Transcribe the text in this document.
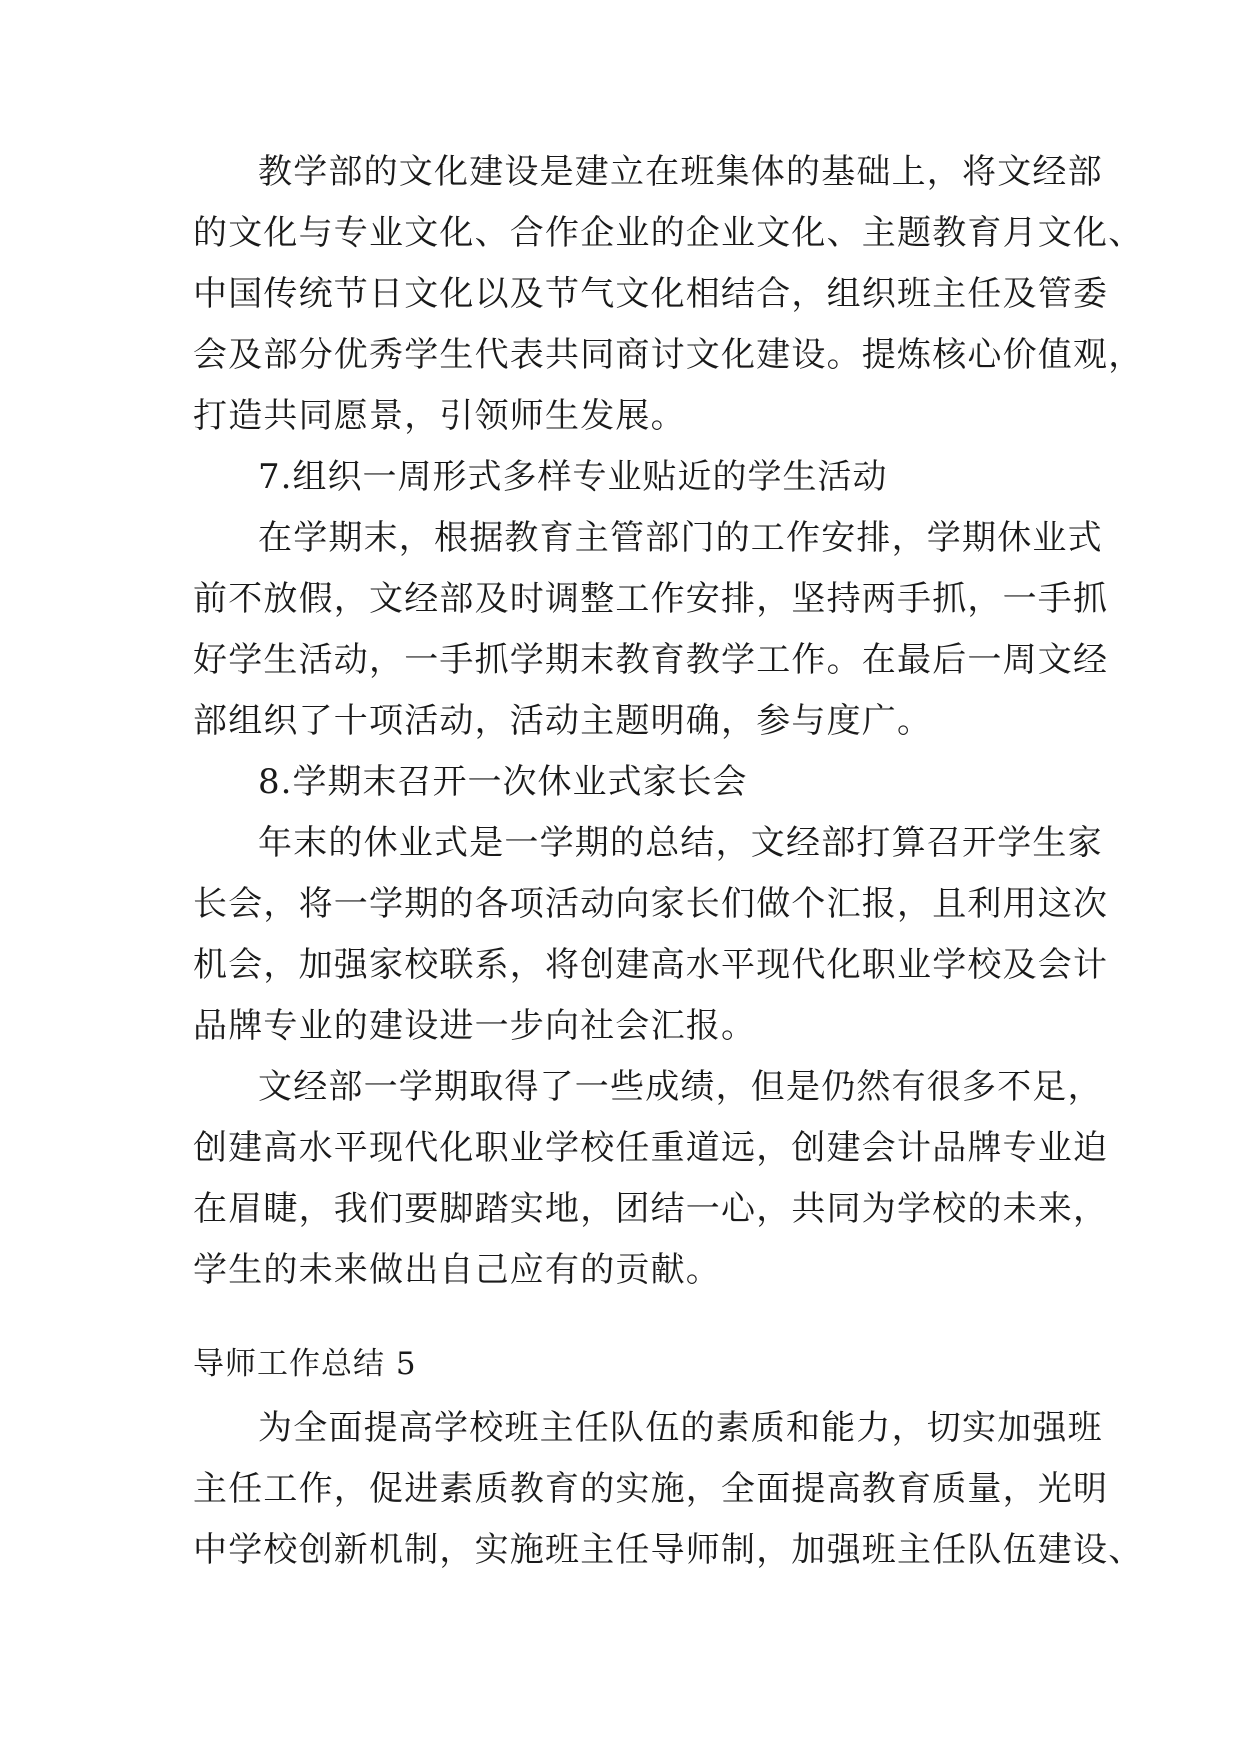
教学部的文化建设是建立在班集体的基础上，将文经部
的文化与专业文化、合作企业的企业文化、主题教育月文化、
中国传统节日文化以及节气文化相结合，组织班主任及管委
会及部分优秀学生代表共同商讨文化建设。提炼核心价值观，
打造共同愿景，引领师生发展。
7.组织一周形式多样专业贴近的学生活动
在学期末，根据教育主管部门的工作安排，学期休业式
前不放假，文经部及时调整工作安排，坚持两手抓，一手抓
好学生活动，一手抓学期末教育教学工作。在最后一周文经
部组织了十项活动，活动主题明确，参与度广。
8.学期末召开一次休业式家长会
年末的休业式是一学期的总结，文经部打算召开学生家
长会，将一学期的各项活动向家长们做个汇报，且利用这次
机会，加强家校联系，将创建高水平现代化职业学校及会计
品牌专业的建设进一步向社会汇报。
文经部一学期取得了一些成绩，但是仍然有很多不足，
创建高水平现代化职业学校任重道远，创建会计品牌专业迫
在眉睫，我们要脚踏实地，团结一心，共同为学校的未来，
学生的未来做出自己应有的贡献。
导师工作总结 5
为全面提高学校班主任队伍的素质和能力，切实加强班
主任工作，促进素质教育的实施，全面提高教育质量，光明
中学校创新机制，实施班主任导师制，加强班主任队伍建设、
